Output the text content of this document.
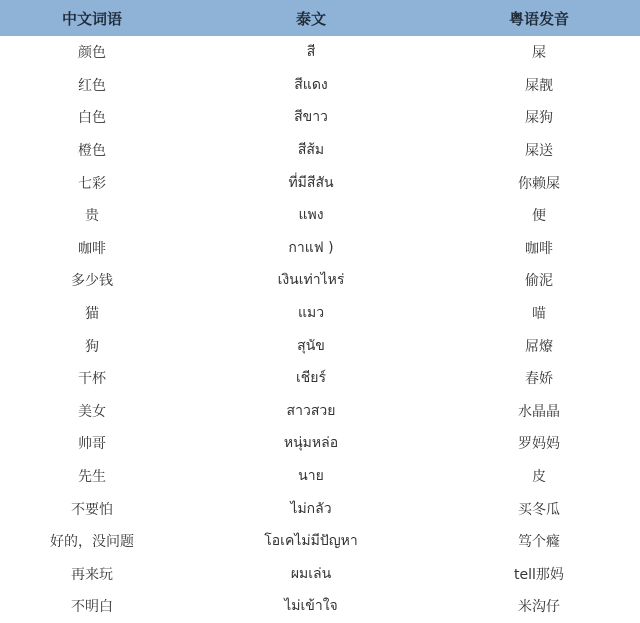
中文词语	泰文	粤语发音
颜色	สี	屎
红色	สีแดง	屎靓
白色	สีขาว	屎狗
橙色	สีส้ม	屎送
七彩	ที่มีสีสัน	你赖屎
贵	แพง	便
咖啡	กาแฟ )	咖啡
多少钱	เงินเท่าไหร่	偷泥
猫	แมว	喵
狗	สุนัข	屌爎
干杯	เชียร์	春娇
美女	สาวสวย	水晶晶
帅哥	หนุ่มหล่อ	罗妈妈
先生	นาย	皮
不要怕	ไม่กลัว	买冬瓜
好的，没问题	โอเคไม่มีปัญหา	笃个癃
再来玩	ผมเล่น	tell那妈
不明白	ไม่เข้าใจ	米沟仔
